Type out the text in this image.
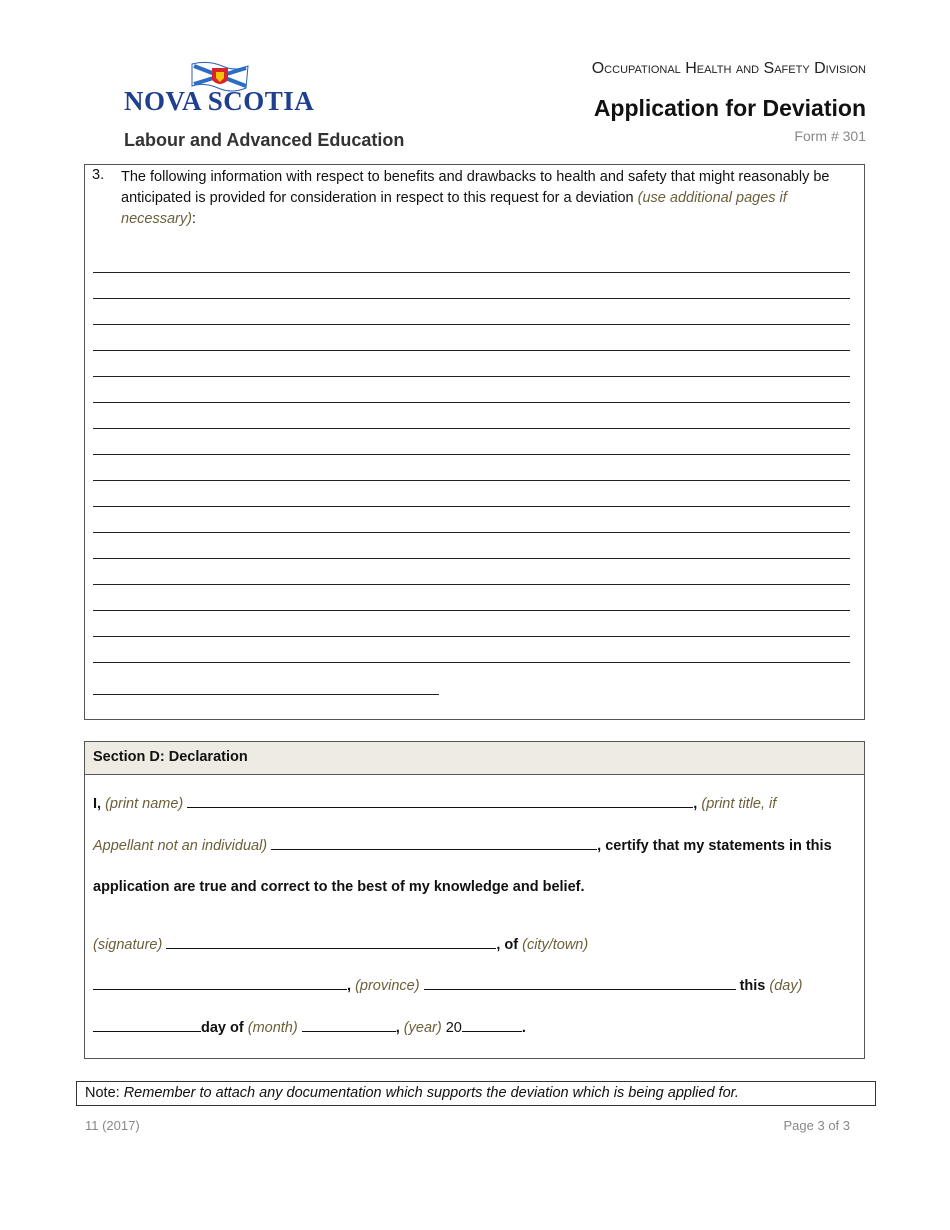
NOVA SCOTIA
Labour and Advanced Education
Occupational Health and Safety Division
Application for Deviation
Form # 301
3. The following information with respect to benefits and drawbacks to health and safety that might reasonably be anticipated is provided for consideration in respect to this request for a deviation (use additional pages if necessary):
Section D: Declaration
I, (print name)	, (print title, if
Appellant not an individual)	, certify that my statements in this
application are true and correct to the best of my knowledge and belief.
(signature)	, of (city/town)
, (province)	this (day)
day of (month)	, (year) 20	.
Note: Remember to attach any documentation which supports the deviation which is being applied for.
11 (2017)	Page 3 of 3
